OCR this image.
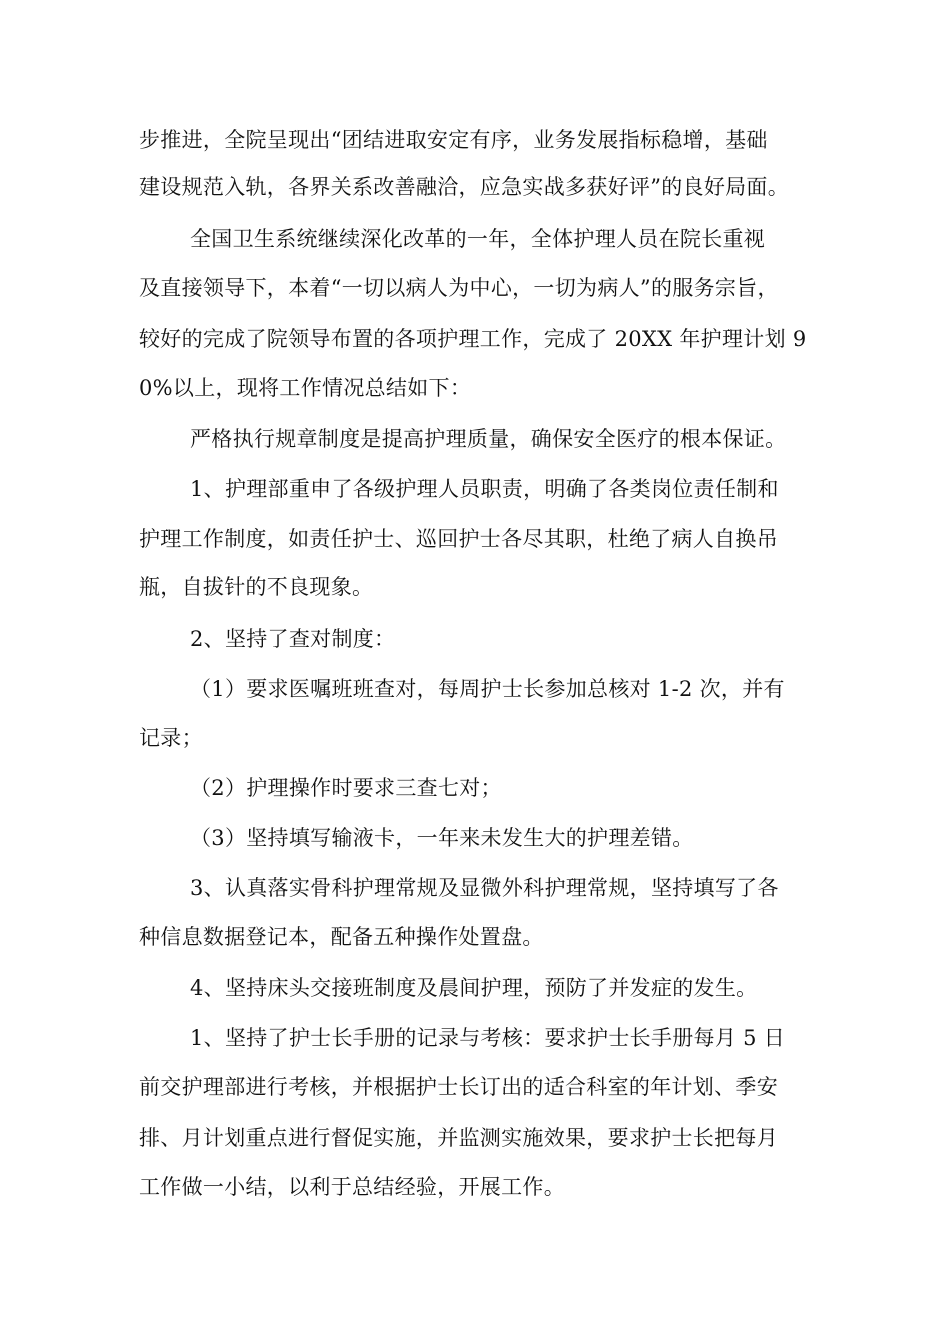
步推进，全院呈现出“团结进取安定有序，业务发展指标稳增，基础
建设规范入轨，各界关系改善融洽，应急实战多获好评”的良好局面。
全国卫生系统继续深化改革的一年，全体护理人员在院长重视
及直接领导下，本着“一切以病人为中心，一切为病人”的服务宗旨，
较好的完成了院领导布置的各项护理工作，完成了 20XX 年护理计划 9
0%以上，现将工作情况总结如下：
严格执行规章制度是提高护理质量，确保安全医疗的根本保证。
1、护理部重申了各级护理人员职责，明确了各类岗位责任制和
护理工作制度，如责任护士、巡回护士各尽其职，杜绝了病人自换吊
瓶，自拔针的不良现象。
2、坚持了查对制度：
（1）要求医嘱班班查对，每周护士长参加总核对 1-2 次，并有
记录；
（2）护理操作时要求三查七对；
（3）坚持填写输液卡，一年来未发生大的护理差错。
3、认真落实骨科护理常规及显微外科护理常规，坚持填写了各
种信息数据登记本，配备五种操作处置盘。
4、坚持床头交接班制度及晨间护理，预防了并发症的发生。
1、坚持了护士长手册的记录与考核：要求护士长手册每月 5 日
前交护理部进行考核，并根据护士长订出的适合科室的年计划、季安
排、月计划重点进行督促实施，并监测实施效果，要求护士长把每月
工作做一小结，以利于总结经验，开展工作。
